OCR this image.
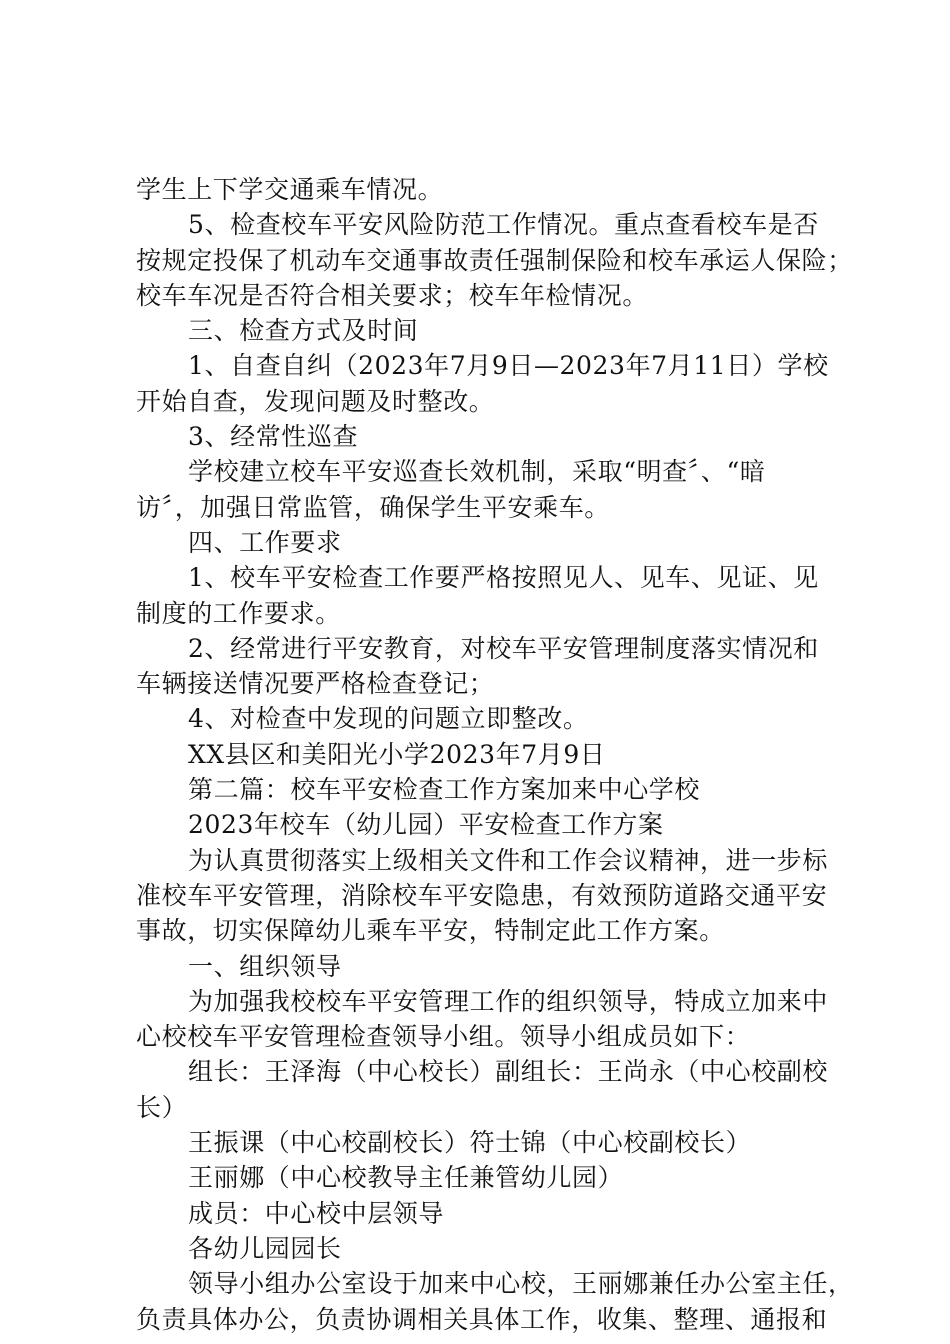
学生上下学交通乘车情况。
5、检查校车平安风险防范工作情况。重点查看校车是否
按规定投保了机动车交通事故责任强制保险和校车承运人保险；
校车车况是否符合相关要求；校车年检情况。
三、检查方式及时间
1、自查自纠（2023年7月9日—2023年7月11日）学校
开始自查，发现问题及时整改。
3、经常性巡查
学校建立校车平安巡查长效机制，采取“明查〞、“暗
访〞，加强日常监管，确保学生平安乘车。
四、工作要求
1、校车平安检查工作要严格按照见人、见车、见证、见
制度的工作要求。
2、经常进行平安教育，对校车平安管理制度落实情况和
车辆接送情况要严格检查登记；
4、对检查中发现的问题立即整改。
XX县区和美阳光小学2023年7月9日
第二篇：校车平安检查工作方案加来中心学校
2023年校车（幼儿园）平安检查工作方案
为认真贯彻落实上级相关文件和工作会议精神，进一步标
准校车平安管理，消除校车平安隐患，有效预防道路交通平安
事故，切实保障幼儿乘车平安，特制定此工作方案。
一、组织领导
为加强我校校车平安管理工作的组织领导，特成立加来中
心校校车平安管理检查领导小组。领导小组成员如下：
组长：王泽海（中心校长）副组长：王尚永（中心校副校
长）
王振课（中心校副校长）符士锦（中心校副校长）
王丽娜（中心校教导主任兼管幼儿园）
成员：中心校中层领导
各幼儿园园长
领导小组办公室设于加来中心校，王丽娜兼任办公室主任，
负责具体办公，负责协调相关具体工作，收集、整理、通报和
